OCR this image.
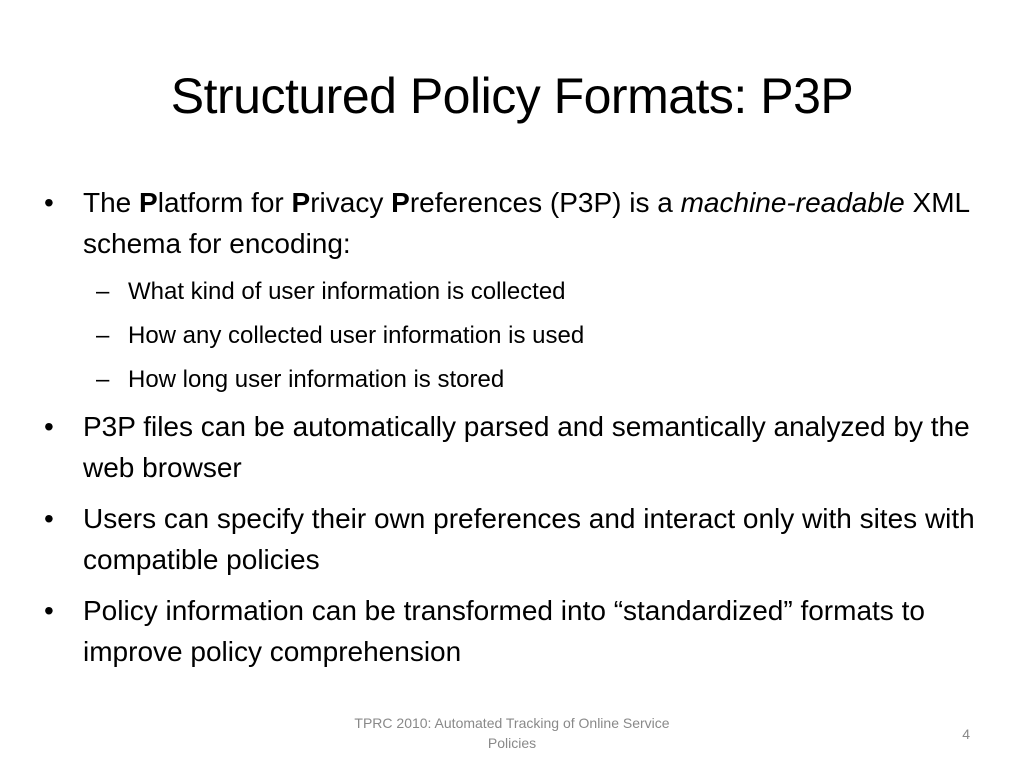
Structured Policy Formats: P3P
• The Platform for Privacy Preferences (P3P) is a machine-readable XML schema for encoding:
– What kind of user information is collected
– How any collected user information is used
– How long user information is stored
• P3P files can be automatically parsed and semantically analyzed by the web browser
• Users can specify their own preferences and interact only with sites with compatible policies
• Policy information can be transformed into “standardized” formats to improve policy comprehension
TPRC 2010: Automated Tracking of Online Service Policies
4
